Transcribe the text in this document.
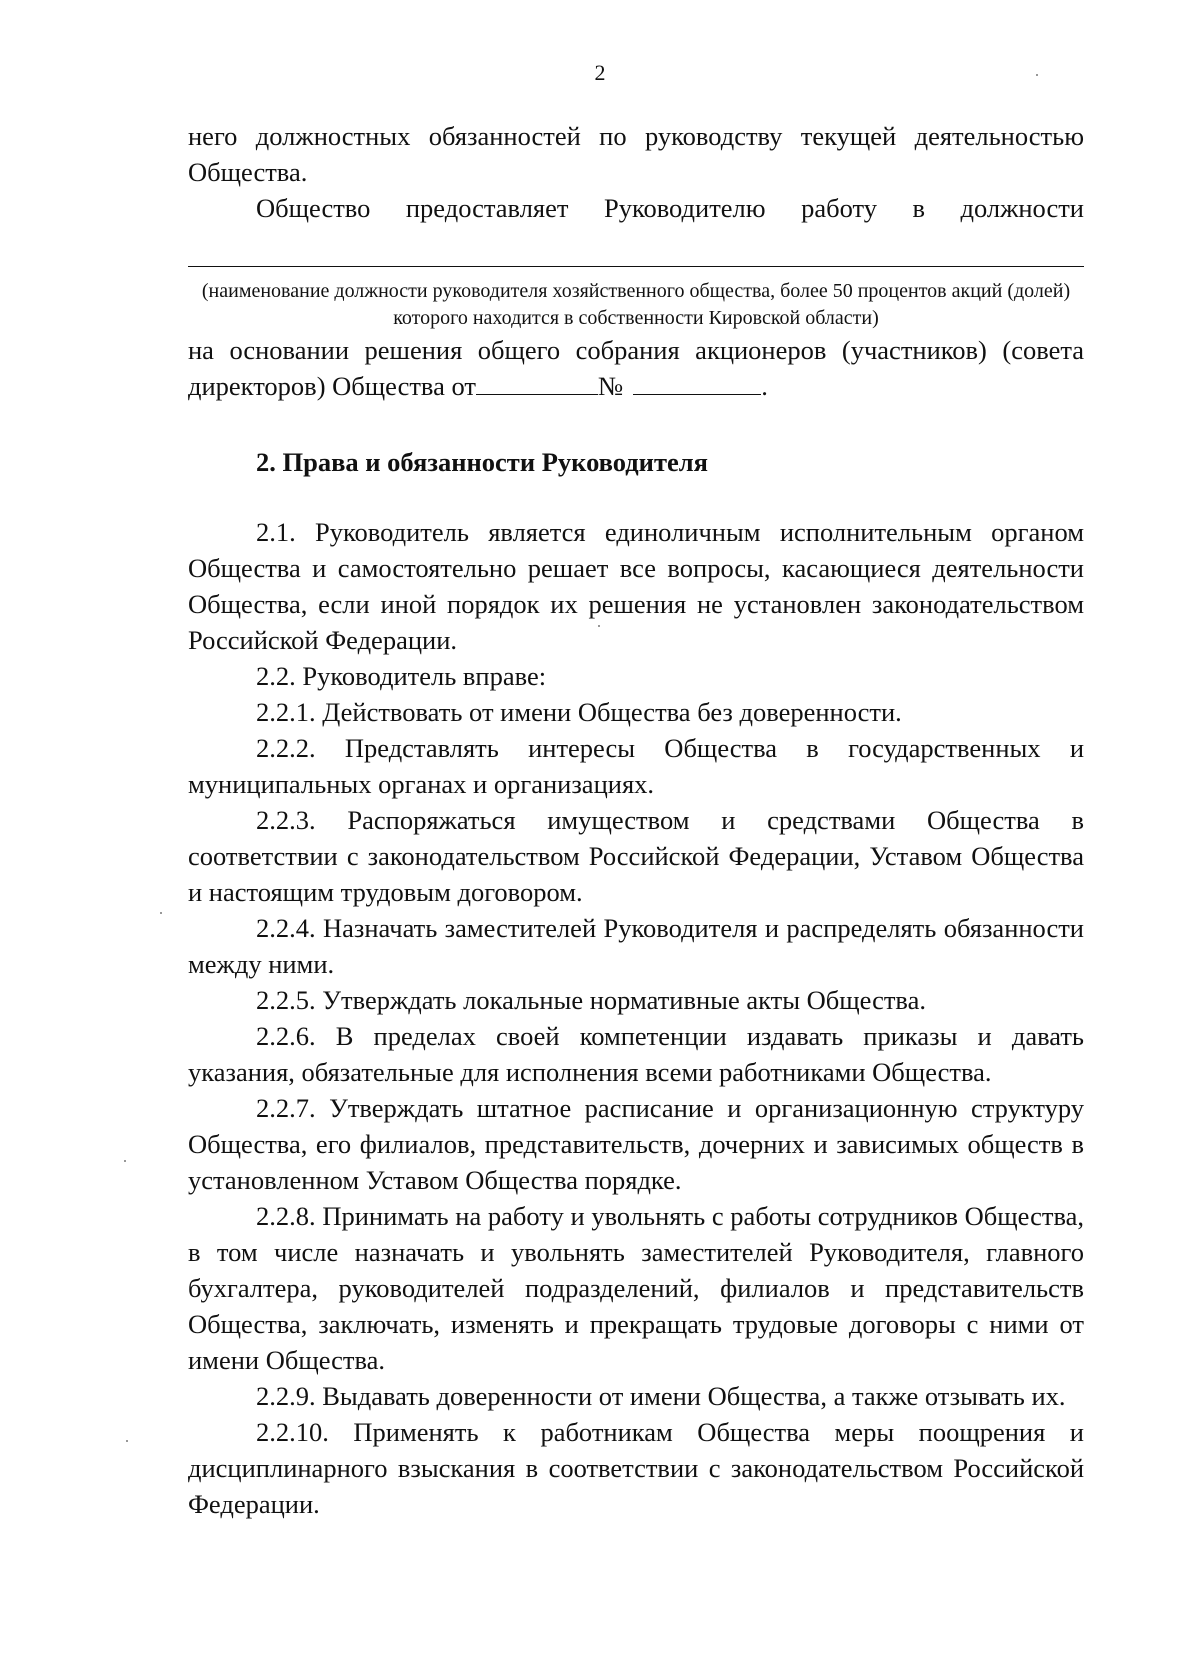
2

него должностных обязанностей по руководству текущей деятельностью Общества.

Общество предоставляет Руководителю работу в должности

(наименование должности руководителя хозяйственного общества, более 50 процентов акций (долей) которого находится в собственности Кировской области)

на основании решения общего собрания акционеров (участников) (совета директоров) Общества от	№	.

2. Права и обязанности Руководителя

2.1. Руководитель является единоличным исполнительным органом Общества и самостоятельно решает все вопросы, касающиеся деятельности Общества, если иной порядок их решения не установлен законодательством Российской Федерации.

2.2. Руководитель вправе:

2.2.1. Действовать от имени Общества без доверенности.

2.2.2. Представлять интересы Общества в государственных и муниципальных органах и организациях.

2.2.3. Распоряжаться имуществом и средствами Общества в соответствии с законодательством Российской Федерации, Уставом Общества и настоящим трудовым договором.

2.2.4. Назначать заместителей Руководителя и распределять обязанности между ними.

2.2.5. Утверждать локальные нормативные акты Общества.

2.2.6. В пределах своей компетенции издавать приказы и давать указания, обязательные для исполнения всеми работниками Общества.

2.2.7. Утверждать штатное расписание и организационную структуру Общества, его филиалов, представительств, дочерних и зависимых обществ в установленном Уставом Общества порядке.

2.2.8. Принимать на работу и увольнять с работы сотрудников Общества, в том числе назначать и увольнять заместителей Руководителя, главного бухгалтера, руководителей подразделений, филиалов и представительств Общества, заключать, изменять и прекращать трудовые договоры с ними от имени Общества.

2.2.9. Выдавать доверенности от имени Общества, а также отзывать их.

2.2.10. Применять к работникам Общества меры поощрения и дисциплинарного взыскания в соответствии с законодательством Российской Федерации.
